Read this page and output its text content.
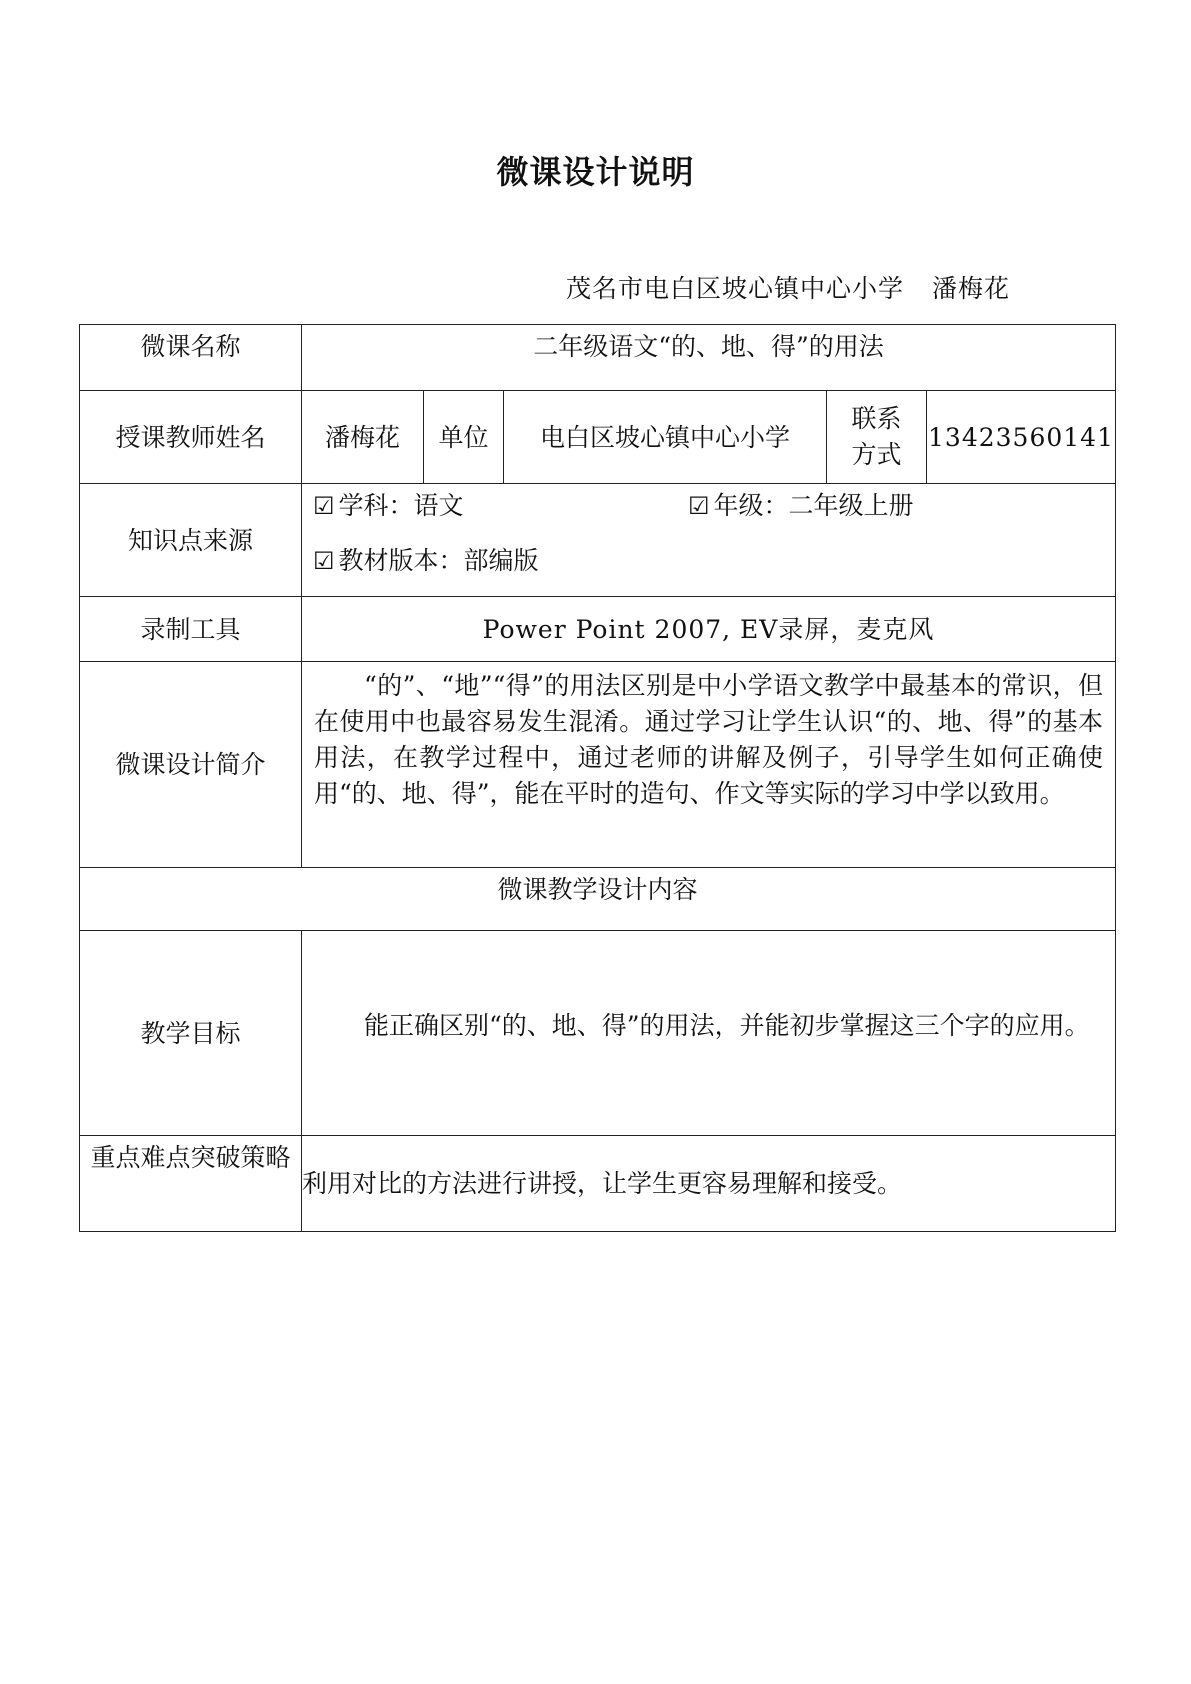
微课设计说明
茂名市电白区坡心镇中心小学 潘梅花
微课名称	二年级语文“的、地、得”的用法				
授课教师姓名	潘梅花	单位	电白区坡心镇中心小学	联系方式	13423560141
知识点来源	☑ 学科：语文 ☑ 年级：二年级上册
☑ 教材版本：部编版				

录制工具	Power Point 2007, EV录屏，麦克风				
微课设计简介	“的”、“地”“得”的用法区别是中小学语文教学中最基本的常识，但在使用中也最容易发生混淆。通过学习让学生认识“的、地、得”的基本用法，在教学过程中，通过老师的讲解及例子，引导学生如何正确使用“的、地、得”，能在平时的造句、作文等实际的学习中学以致用。				

微课教学设计内容					
教学目标	能正确区别“的、地、得”的用法，并能初步掌握这三个字的应用。				

重点难点突破策略	利用对比的方法进行讲授，让学生更容易理解和接受。				
